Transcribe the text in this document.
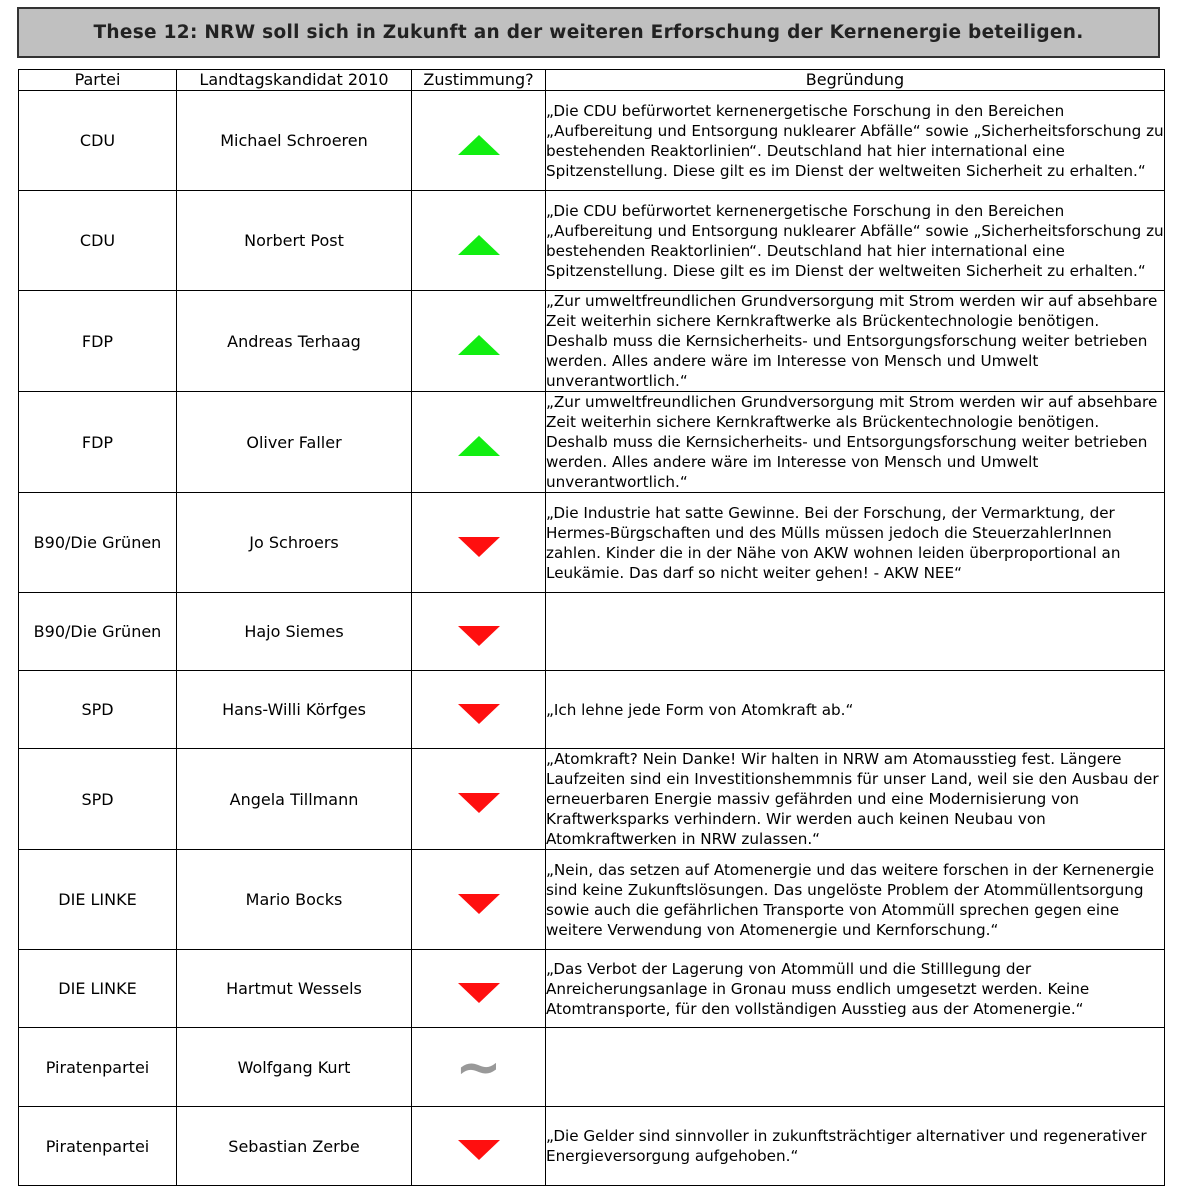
These 12: NRW soll sich in Zukunft an der weiteren Erforschung der Kernenergie beteiligen.
Partei	Landtagskandidat 2010	Zustimmung?	Begründung
CDU	Michael Schroeren		„Die CDU befürwortet kernenergetische Forschung in den Bereichen „Aufbereitung und Entsorgung nuklearer Abfälle“ sowie „Sicherheitsforschung zu bestehenden Reaktorlinien“. Deutschland hat hier international eine Spitzenstellung. Diese gilt es im Dienst der weltweiten Sicherheit zu erhalten.“

CDU	Norbert Post		„Die CDU befürwortet kernenergetische Forschung in den Bereichen „Aufbereitung und Entsorgung nuklearer Abfälle“ sowie „Sicherheitsforschung zu bestehenden Reaktorlinien“. Deutschland hat hier international eine Spitzenstellung. Diese gilt es im Dienst der weltweiten Sicherheit zu erhalten.“

FDP	Andreas Terhaag		„Zur umweltfreundlichen Grundversorgung mit Strom werden wir auf absehbare Zeit weiterhin sichere Kernkraftwerke als Brückentechnologie benötigen. Deshalb muss die Kernsicherheits- und Entsorgungsforschung weiter betrieben werden. Alles andere wäre im Interesse von Mensch und Umwelt unverantwortlich.“

FDP	Oliver Faller		„Zur umweltfreundlichen Grundversorgung mit Strom werden wir auf absehbare Zeit weiterhin sichere Kernkraftwerke als Brückentechnologie benötigen. Deshalb muss die Kernsicherheits- und Entsorgungsforschung weiter betrieben werden. Alles andere wäre im Interesse von Mensch und Umwelt unverantwortlich.“

B90/Die Grünen	Jo Schroers		„Die Industrie hat satte Gewinne. Bei der Forschung, der Vermarktung, der Hermes-Bürgschaften und des Mülls müssen jedoch die SteuerzahlerInnen zahlen. Kinder die in der Nähe von AKW wohnen leiden überproportional an Leukämie. Das darf so nicht weiter gehen! - AKW NEE“

B90/Die Grünen	Hajo Siemes		

SPD	Hans-Willi Körfges		„Ich lehne jede Form von Atomkraft ab.“

SPD	Angela Tillmann		„Atomkraft? Nein Danke! Wir halten in NRW am Atomausstieg fest. Längere Laufzeiten sind ein Investitionshemmnis für unser Land, weil sie den Ausbau der erneuerbaren Energie massiv gefährden und eine Modernisierung von Kraftwerksparks verhindern. Wir werden auch keinen Neubau von Atomkraftwerken in NRW zulassen.“

DIE LINKE	Mario Bocks		„Nein, das setzen auf Atomenergie und das weitere forschen in der Kernenergie sind keine Zukunftslösungen. Das ungelöste Problem der Atommüllentsorgung sowie auch die gefährlichen Transporte von Atommüll sprechen gegen eine weitere Verwendung von Atomenergie und Kernforschung.“

DIE LINKE	Hartmut Wessels		„Das Verbot der Lagerung von Atommüll und die Stilllegung der Anreicherungsanlage in Gronau muss endlich umgesetzt werden. Keine Atomtransporte, für den vollständigen Ausstieg aus der Atomenergie.“

Piratenpartei	Wolfgang Kurt	~	

Piratenpartei	Sebastian Zerbe		„Die Gelder sind sinnvoller in zukunftsträchtiger alternativer und regenerativer Energieversorgung aufgehoben.“
